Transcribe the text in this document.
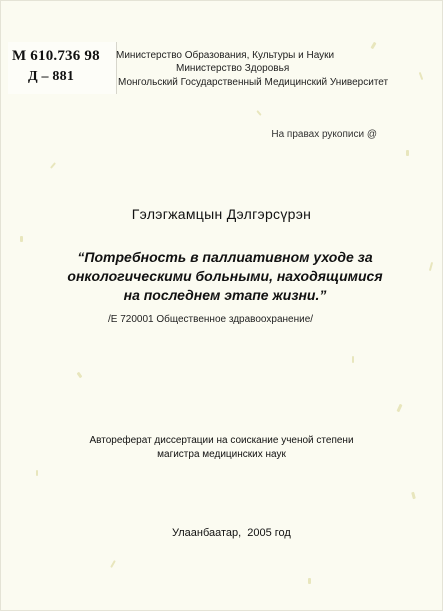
М 610.736 98
Д – 881
Министерство Образования, Культуры и Науки
Министерство Здоровья
Монгольский Государственный Медицинский Университет
На правах рукописи @
Гэлэгжамцын Дэлгэрсүрэн
“Потребность в паллиативном уходе за
онкологическими больными, находящимися
на последнем этапе жизни.”
/Е 720001 Общественное здравоохранение/
Автореферат диссертации на соискание ученой степени
магистра медицинских наук
Улаанбаатар, 2005 год
